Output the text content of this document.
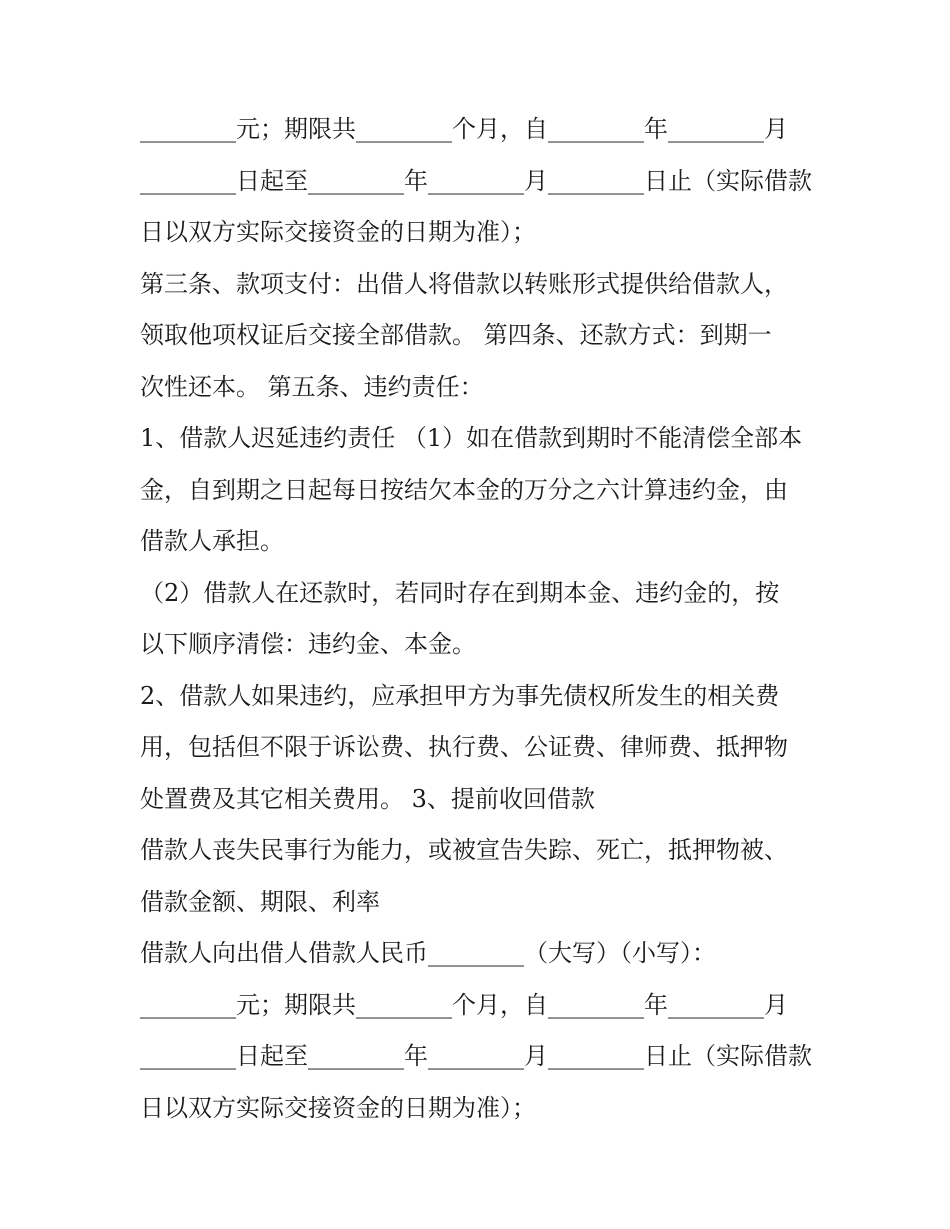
________元；期限共________个月，自________年________月
________日起至________年________月________日止（实际借款
日以双方实际交接资金的日期为准）；
第三条、款项支付：出借人将借款以转账形式提供给借款人，
领取他项权证后交接全部借款。 第四条、还款方式：到期一
次性还本。 第五条、违约责任：
1、借款人迟延违约责任 （1）如在借款到期时不能清偿全部本
金，自到期之日起每日按结欠本金的万分之六计算违约金，由
借款人承担。
（2）借款人在还款时，若同时存在到期本金、违约金的，按
以下顺序清偿：违约金、本金。
2、借款人如果违约，应承担甲方为事先债权所发生的相关费
用，包括但不限于诉讼费、执行费、公证费、律师费、抵押物
处置费及其它相关费用。 3、提前收回借款
借款人丧失民事行为能力，或被宣告失踪、死亡，抵押物被、
借款金额、期限、利率
借款人向出借人借款人民币________（大写）（小写）：
________元；期限共________个月，自________年________月
________日起至________年________月________日止（实际借款
日以双方实际交接资金的日期为准）；
